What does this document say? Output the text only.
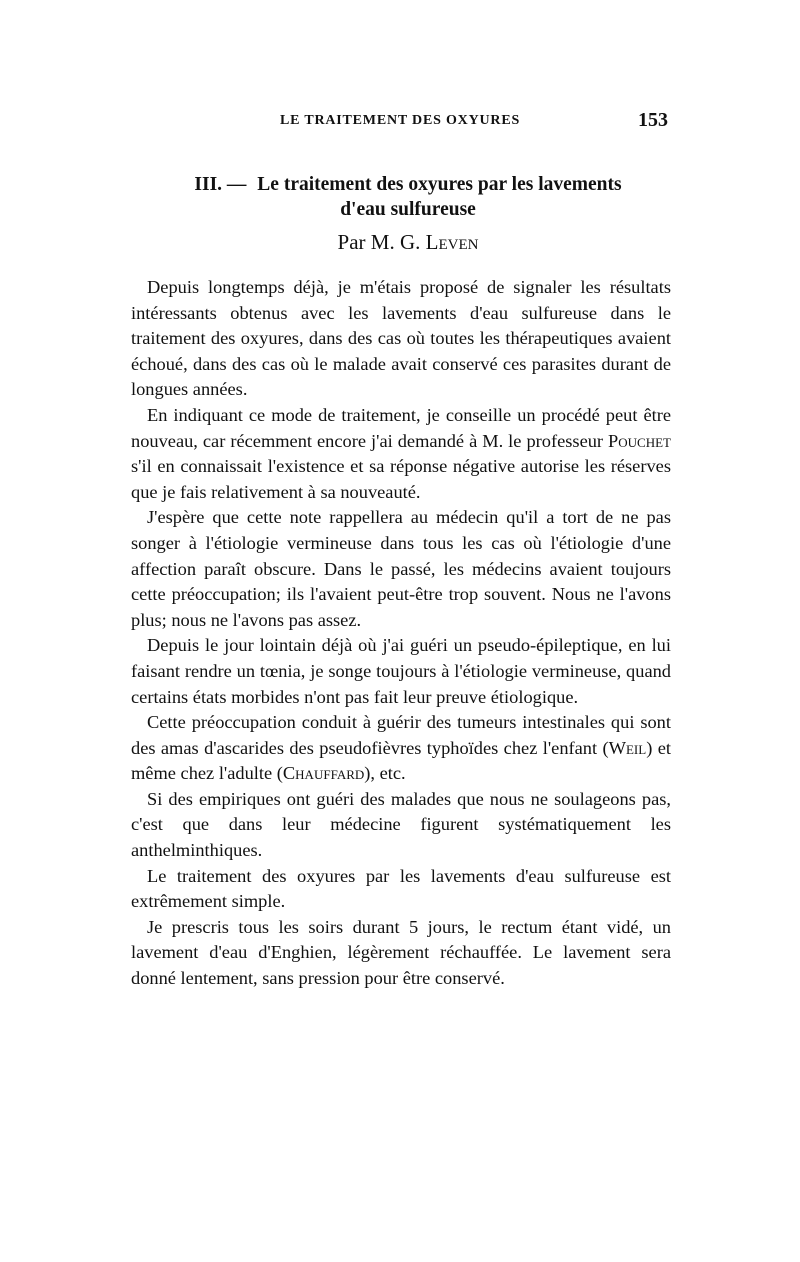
LE TRAITEMENT DES OXYURES	153
III. — Le traitement des oxyures par les lavements
d'eau sulfureuse
Par M. G. Leven

Depuis longtemps déjà, je m'étais proposé de signaler les résultats intéressants obtenus avec les lavements d'eau sulfureuse dans le traitement des oxyures, dans des cas où toutes les thérapeutiques avaient échoué, dans des cas où le malade avait conservé ces parasites durant de longues années.

En indiquant ce mode de traitement, je conseille un procédé peut être nouveau, car récemment encore j'ai demandé à M. le professeur Pouchet s'il en connaissait l'existence et sa réponse négative autorise les réserves que je fais relativement à sa nouveauté.

J'espère que cette note rappellera au médecin qu'il a tort de ne pas songer à l'étiologie vermineuse dans tous les cas où l'étiologie d'une affection paraît obscure. Dans le passé, les médecins avaient toujours cette préoccupation; ils l'avaient peut-être trop souvent. Nous ne l'avons plus; nous ne l'avons pas assez.

Depuis le jour lointain déjà où j'ai guéri un pseudo-épileptique, en lui faisant rendre un tœnia, je songe toujours à l'étiologie vermineuse, quand certains états morbides n'ont pas fait leur preuve étiologique.

Cette préoccupation conduit à guérir des tumeurs intestinales qui sont des amas d'ascarides des pseudofièvres typhoïdes chez l'enfant (Weil) et même chez l'adulte (Chauffard), etc.

Si des empiriques ont guéri des malades que nous ne soulageons pas, c'est que dans leur médecine figurent systématiquement les anthelminthiques.

Le traitement des oxyures par les lavements d'eau sulfureuse est extrêmement simple.

Je prescris tous les soirs durant 5 jours, le rectum étant vidé, un lavement d'eau d'Enghien, légèrement réchauffée. Le lavement sera donné lentement, sans pression pour être conservé.
